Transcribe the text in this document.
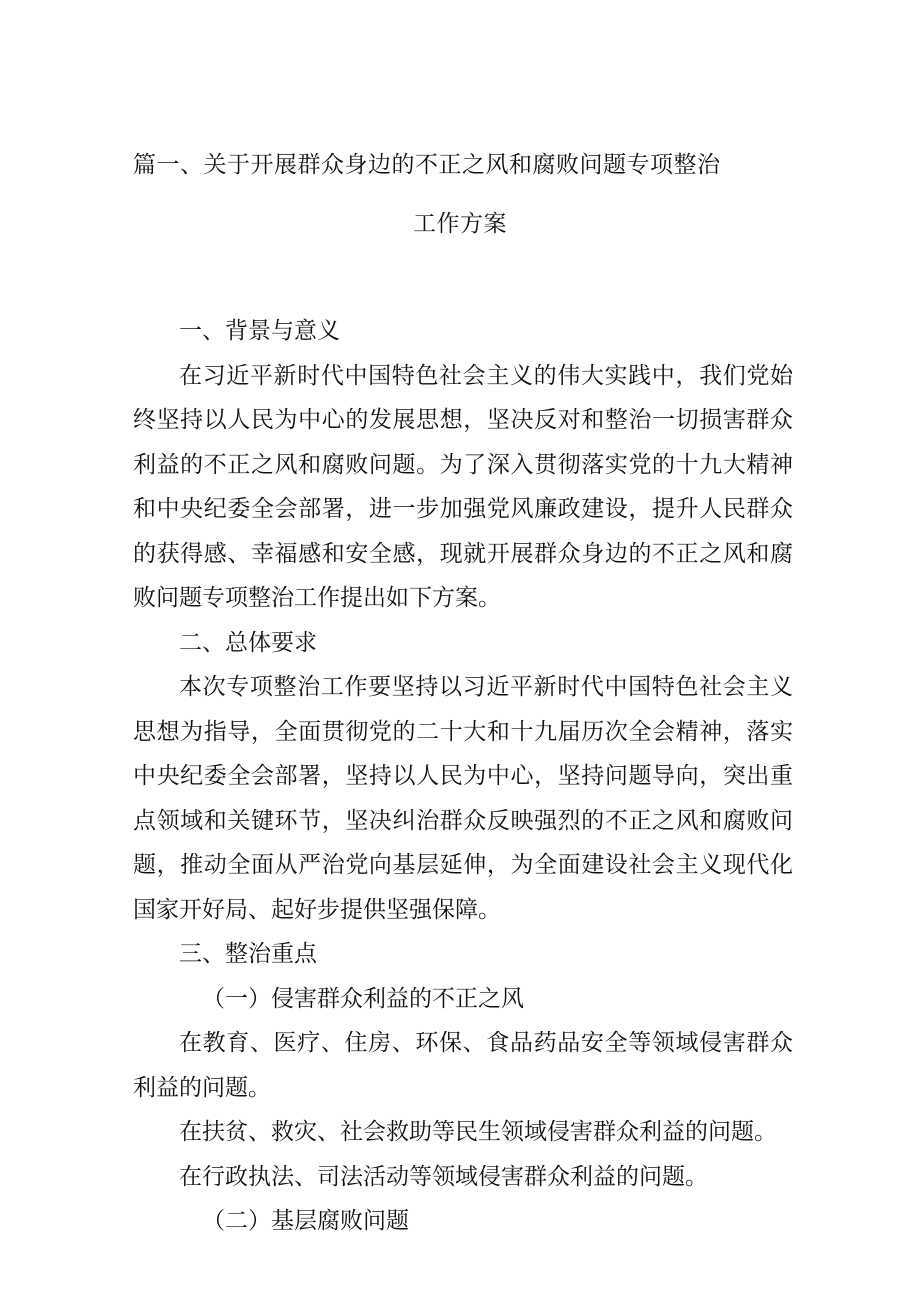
篇一、关于开展群众身边的不正之风和腐败问题专项整治
工作方案

一、背景与意义

在习近平新时代中国特色社会主义的伟大实践中，我们党始终坚持以人民为中心的发展思想，坚决反对和整治一切损害群众利益的不正之风和腐败问题。为了深入贯彻落实党的十九大精神和中央纪委全会部署，进一步加强党风廉政建设，提升人民群众的获得感、幸福感和安全感，现就开展群众身边的不正之风和腐败问题专项整治工作提出如下方案。

二、总体要求

本次专项整治工作要坚持以习近平新时代中国特色社会主义思想为指导，全面贯彻党的二十大和十九届历次全会精神，落实中央纪委全会部署，坚持以人民为中心，坚持问题导向，突出重点领域和关键环节，坚决纠治群众反映强烈的不正之风和腐败问题，推动全面从严治党向基层延伸，为全面建设社会主义现代化国家开好局、起好步提供坚强保障。

三、整治重点

（一）侵害群众利益的不正之风

在教育、医疗、住房、环保、食品药品安全等领域侵害群众利益的问题。

在扶贫、救灾、社会救助等民生领域侵害群众利益的问题。

在行政执法、司法活动等领域侵害群众利益的问题。

（二）基层腐败问题
